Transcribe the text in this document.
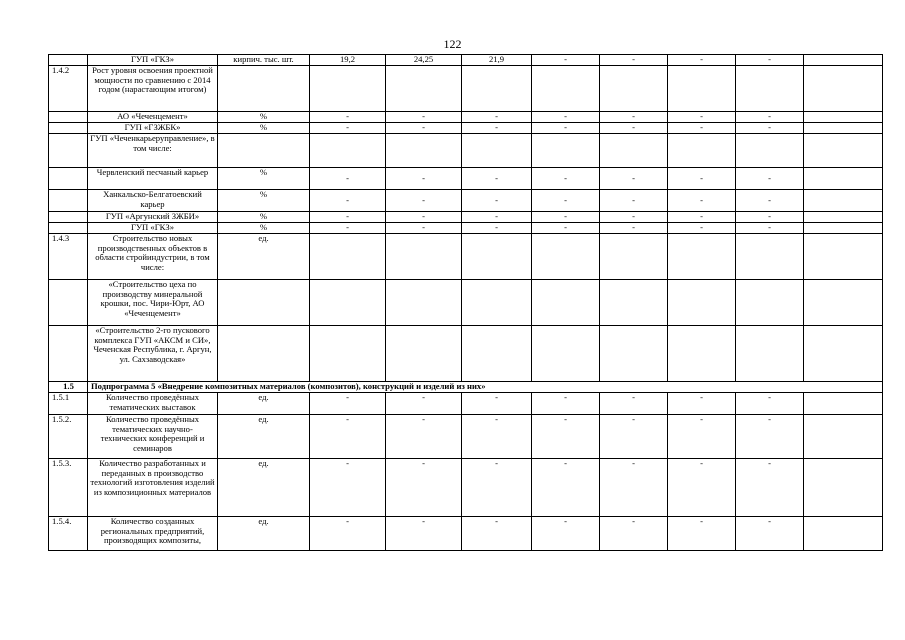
122
	ГУП «ГКЗ»	кирпич. тыс. шт.	19,2	24,25	21,9	-	-	-	-	
1.4.2	Рост уровня освоения проектной мощности по сравнению с 2014 годом (нарастающим итогом)									
	АО «Чеченцемент»	%	-	-	-	-	-	-	-	
	ГУП «ГЗЖБК»	%	-	-	-	-	-	-	-	
	ГУП «Чеченкарьеруправление», в том числе:									
	Червленский песчаный карьер	%	-	-	-	-	-	-	-	
	Ханкальско-Белгатоевский карьер	%	-	-	-	-	-	-	-	
	ГУП «Аргунский ЗЖБИ»	%	-	-	-	-	-	-	-	
	ГУП «ГКЗ»	%	-	-	-	-	-	-	-	
1.4.3	Строительство новых производственных объектов в области стройиндустрии, в том числе:	ед.								
	«Строительство цеха по производству минеральной крошки, пос. Чири-Юрт, АО «Чеченцемент»									
	«Строительство 2-го пускового комплекса ГУП «АКСМ и СИ», Чеченская Республика, г. Аргун, ул. Сахзаводская»									
1.5	Подпрограмма 5 «Внедрение композитных материалов (композитов), конструкций и изделий из них»									
1.5.1	Количество проведённых тематических выставок	ед.	-	-	-	-	-	-	-	
1.5.2.	Количество проведённых тематических научно-технических конференций и семинаров	ед.	-	-	-	-	-	-	-	
1.5.3.	Количество разработанных и переданных в производство технологий изготовления изделий из композиционных материалов	ед.	-	-	-	-	-	-	-	
1.5.4.	Количество созданных региональных предприятий, производящих композиты,	ед.	-	-	-	-	-	-	-	
